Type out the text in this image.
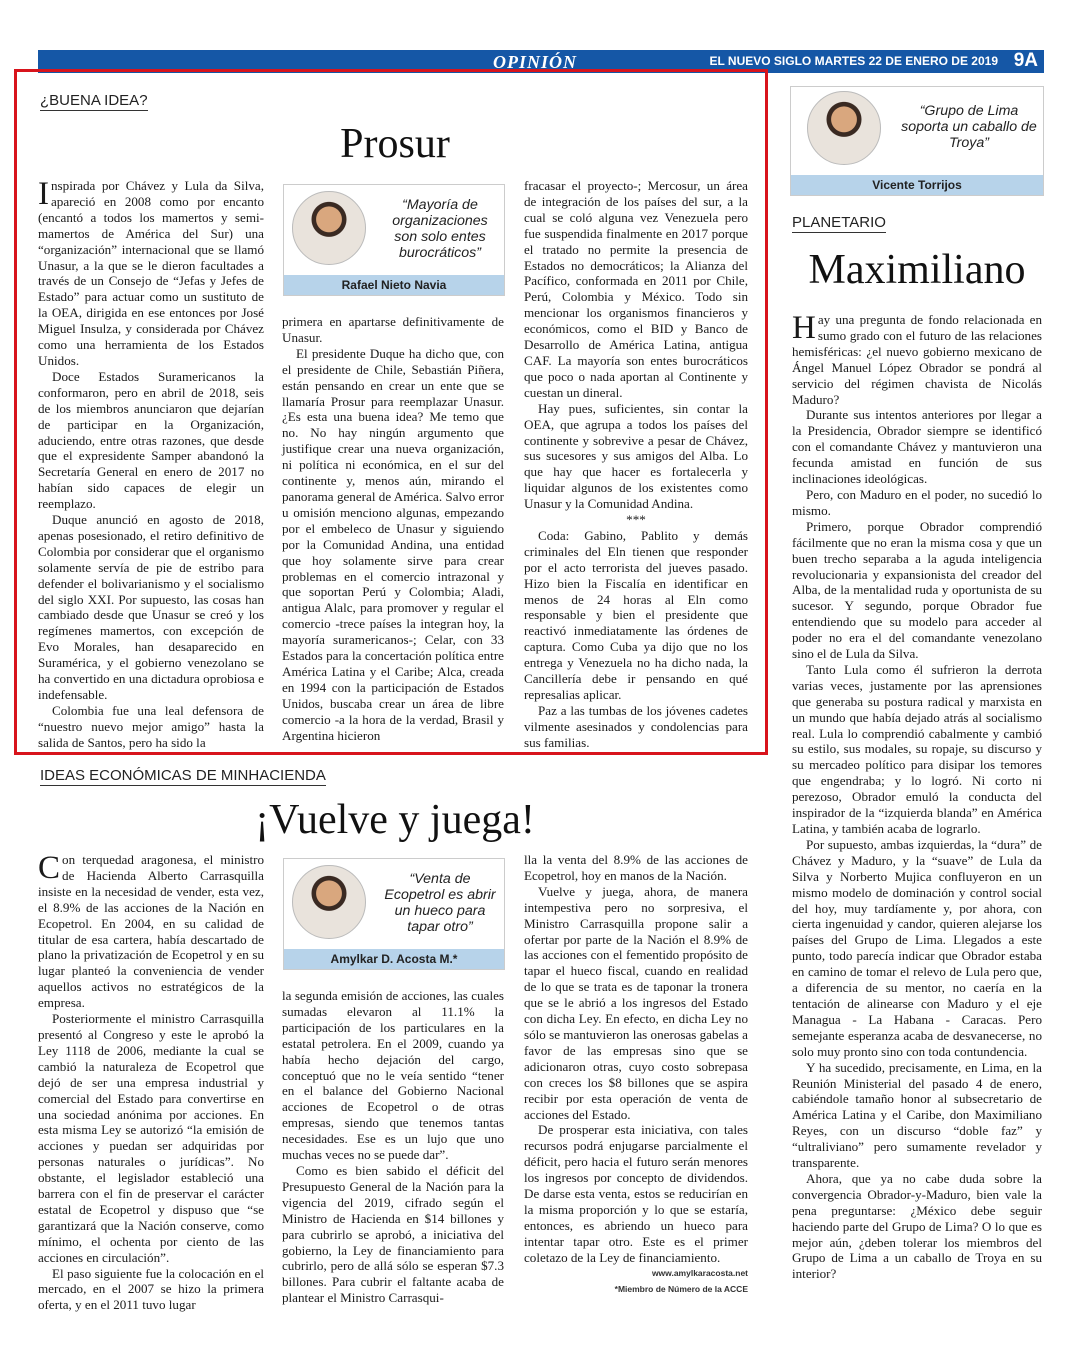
OPINIÓN	EL NUEVO SIGLO MARTES 22 DE ENERO DE 2019 9A
¿BUENA IDEA?
Prosur

Inspirada por Chávez y Lula da Silva, apareció en 2008 como por encanto (encantó a todos los mamertos y semi-mamertos de América del Sur) una “organización” internacional que se llamó Unasur, a la que se le dieron facultades a través de un Consejo de “Jefas y Jefes de Estado” para actuar como un sustituto de la OEA, dirigida en ese entonces por José Miguel Insulza, y considerada por Chávez como una herramienta de los Estados Unidos.

Doce Estados Suramericanos la conformaron, pero en abril de 2018, seis de los miembros anunciaron que dejarían de participar en la Organización, aduciendo, entre otras razones, que desde que el expresidente Samper abandonó la Secretaría General en enero de 2017 no habían sido capaces de elegir un reemplazo.

Duque anunció en agosto de 2018, apenas posesionado, el retiro definitivo de Colombia por considerar que el organismo solamente servía de pie de estribo para defender el bolivarianismo y el socialismo del siglo XXI. Por supuesto, las cosas han cambiado desde que Unasur se creó y los regímenes mamertos, con excepción de Evo Morales, han desaparecido en Suramérica, y el gobierno venezolano se ha convertido en una dictadura oprobiosa e indefensable.

Colombia fue una leal defensora de “nuestro nuevo mejor amigo” hasta la salida de Santos, pero ha sido la

“Mayoría de organizaciones son solo entes burocráticos”
Rafael Nieto Navia

primera en apartarse definitivamente de Unasur.

El presidente Duque ha dicho que, con el presidente de Chile, Sebastián Piñera, están pensando en crear un ente que se llamaría Prosur para reemplazar Unasur. ¿Es esta una buena idea? Me temo que no. No hay ningún argumento que justifique crear una nueva organización, ni política ni económica, en el sur del continente y, menos aún, mirando el panorama general de América. Salvo error u omisión menciono algunas, empezando por el embeleco de Unasur y siguiendo por la Comunidad Andina, una entidad que hoy solamente sirve para crear problemas en el comercio intrazonal y que soportan Perú y Colombia; Aladi, antigua Alalc, para promover y regular el comercio -trece países la integran hoy, la mayoría suramericanos-; Celar, con 33 Estados para la concertación política entre América Latina y el Caribe; Alca, creada en 1994 con la participación de Estados Unidos, buscaba crear un área de libre comercio -a la hora de la verdad, Brasil y Argentina hicieron

fracasar el proyecto-; Mercosur, un área de integración de los países del sur, a la cual se coló alguna vez Venezuela pero fue suspendida finalmente en 2017 porque el tratado no permite la presencia de Estados no democráticos; la Alianza del Pacífico, conformada en 2011 por Chile, Perú, Colombia y México. Todo sin mencionar los organismos financieros y económicos, como el BID y Banco de Desarrollo de América Latina, antigua CAF. La mayoría son entes burocráticos que poco o nada aportan al Continente y cuestan un dineral.

Hay pues, suficientes, sin contar la OEA, que agrupa a todos los países del continente y sobrevive a pesar de Chávez, sus sucesores y sus amigos del Alba. Lo que hay que hacer es fortalecerla y liquidar algunos de los existentes como Unasur y la Comunidad Andina.

***

Coda: Gabino, Pablito y demás criminales del Eln tienen que responder por el acto terrorista del jueves pasado. Hizo bien la Fiscalía en identificar en menos de 24 horas al Eln como responsable y bien el presidente que reactivó inmediatamente las órdenes de captura. Como Cuba ya dijo que no los entrega y Venezuela no ha dicho nada, la Cancillería debe ir pensando en qué represalias aplicar.

Paz a las tumbas de los jóvenes cadetes vilmente asesinados y condolencias para sus familias.

IDEAS ECONÓMICAS DE MINHACIENDA
¡Vuelve y juega!

Con terquedad aragonesa, el ministro de Hacienda Alberto Carrasquilla insiste en la necesidad de vender, esta vez, el 8.9% de las acciones de la Nación en Ecopetrol. En 2004, en su calidad de titular de esa cartera, había descartado de plano la privatización de Ecopetrol y en su lugar planteó la conveniencia de vender aquellos activos no estratégicos de la empresa.

Posteriormente el ministro Carrasquilla presentó al Congreso y este le aprobó la Ley 1118 de 2006, mediante la cual se cambió la naturaleza de Ecopetrol que dejó de ser una empresa industrial y comercial del Estado para convertirse en una sociedad anónima por acciones. En esta misma Ley se autorizó “la emisión de acciones y puedan ser adquiridas por personas naturales o jurídicas”. No obstante, el legislador estableció una barrera con el fin de preservar el carácter estatal de Ecopetrol y dispuso que “se garantizará que la Nación conserve, como mínimo, el ochenta por ciento de las acciones en circulación”.

El paso siguiente fue la colocación en el mercado, en el 2007 se hizo la primera oferta, y en el 2011 tuvo lugar

“Venta de Ecopetrol es abrir un hueco para tapar otro”
Amylkar D. Acosta M.*

la segunda emisión de acciones, las cuales sumadas elevaron al 11.1% la participación de los particulares en la estatal petrolera. En el 2009, cuando ya había hecho dejación del cargo, conceptuó que no le veía sentido “tener en el balance del Gobierno Nacional acciones de Ecopetrol o de otras empresas, siendo que tenemos tantas necesidades. Ese es un lujo que uno muchas veces no se puede dar”.

Como es bien sabido el déficit del Presupuesto General de la Nación para la vigencia del 2019, cifrado según el Ministro de Hacienda en $14 billones y para cubrirlo se aprobó, a iniciativa del gobierno, la Ley de financiamiento para cubrirlo, pero de allá sólo se esperan $7.3 billones. Para cubrir el faltante acaba de plantear el Ministro Carrasqui-

lla la venta del 8.9% de las acciones de Ecopetrol, hoy en manos de la Nación.

Vuelve y juega, ahora, de manera intempestiva pero no sorpresiva, el Ministro Carrasquilla propone salir a ofertar por parte de la Nación el 8.9% de las acciones con el fementido propósito de tapar el hueco fiscal, cuando en realidad de lo que se trata es de taponar la tronera que se le abrió a los ingresos del Estado con dicha Ley. En efecto, en dicha Ley no sólo se mantuvieron las onerosas gabelas a favor de las empresas sino que se adicionaron otras, cuyo costo sobrepasa con creces los $8 billones que se aspira recibir por esta operación de venta de acciones del Estado.

De prosperar esta iniciativa, con tales recursos podrá enjugarse parcialmente el déficit, pero hacia el futuro serán menores los ingresos por concepto de dividendos. De darse esta venta, estos se reducirían en la misma proporción y lo que se estaría, entonces, es abriendo un hueco para intentar tapar otro. Este es el primer coletazo de la Ley de financiamiento.

www.amylkaracosta.net
*Miembro de Número de la ACCE
“Grupo de Lima soporta un caballo de Troya”
Vicente Torrijos
PLANETARIO
Maximiliano

Hay una pregunta de fondo relacionada en sumo grado con el futuro de las relaciones hemisféricas: ¿el nuevo gobierno mexicano de Ángel Manuel López Obrador se pondrá al servicio del régimen chavista de Nicolás Maduro?

Durante sus intentos anteriores por llegar a la Presidencia, Obrador siempre se identificó con el comandante Chávez y mantuvieron una fecunda amistad en función de sus inclinaciones ideológicas.

Pero, con Maduro en el poder, no sucedió lo mismo.

Primero, porque Obrador comprendió fácilmente que no eran la misma cosa y que un buen trecho separaba a la aguda inteligencia revolucionaria y expansionista del creador del Alba, de la mentalidad ruda y oportunista de su sucesor. Y segundo, porque Obrador fue entendiendo que su modelo para acceder al poder no era el del comandante venezolano sino el de Lula da Silva.

Tanto Lula como él sufrieron la derrota varias veces, justamente por las aprensiones que generaba su postura radical y marxista en un mundo que había dejado atrás al socialismo real. Lula lo comprendió cabalmente y cambió su estilo, sus modales, su ropaje, su discurso y su mercadeo político para disipar los temores que engendraba; y lo logró. Ni corto ni perezoso, Obrador emuló la conducta del inspirador de la “izquierda blanda” en América Latina, y también acaba de lograrlo.

Por supuesto, ambas izquierdas, la “dura” de Chávez y Maduro, y la “suave” de Lula da Silva y Norberto Mujica confluyeron en un mismo modelo de dominación y control social del hoy, muy tardíamente y, por ahora, con cierta ingenuidad y candor, quieren alejarse los países del Grupo de Lima. Llegados a este punto, todo parecía indicar que Obrador estaba en camino de tomar el relevo de Lula pero que, a diferencia de su mentor, no caería en la tentación de alinearse con Maduro y el eje Managua - La Habana - Caracas. Pero semejante esperanza acaba de desvanecerse, no solo muy pronto sino con toda contundencia.

Y ha sucedido, precisamente, en Lima, en la Reunión Ministerial del pasado 4 de enero, cabiéndole tamaño honor al subsecretario de América Latina y el Caribe, don Maximiliano Reyes, con un discurso “doble faz” y “ultraliviano” pero sumamente revelador y transparente.

Ahora, que ya no cabe duda sobre la convergencia Obrador-y-Maduro, bien vale la pena preguntarse: ¿México debe seguir haciendo parte del Grupo de Lima? O lo que es mejor aún, ¿deben tolerar los miembros del Grupo de Lima a un caballo de Troya en su interior?
